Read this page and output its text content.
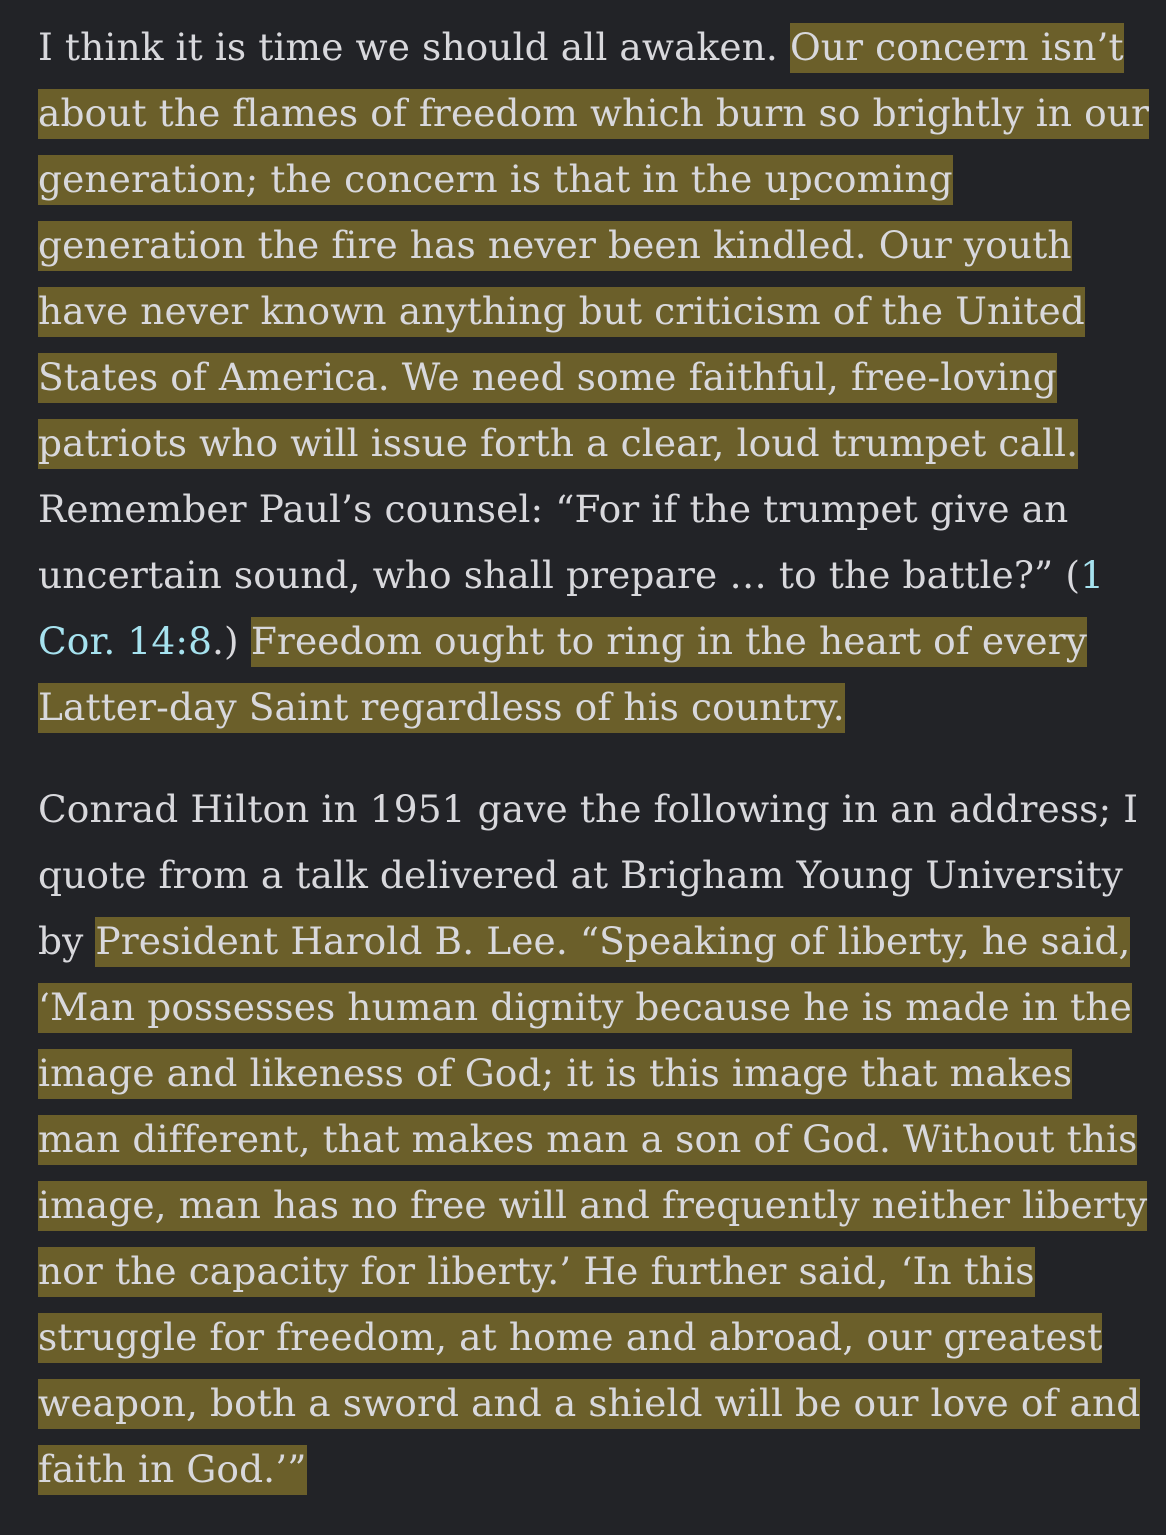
I think it is time we should all awaken. Our concern isn’t about the flames of freedom which burn so brightly in our generation; the concern is that in the upcoming generation the fire has never been kindled. Our youth have never known anything but criticism of the United States of America. We need some faithful, free-loving patriots who will issue forth a clear, loud trumpet call. Remember Paul’s counsel: “For if the trumpet give an uncertain sound, who shall prepare … to the battle?” (1 Cor. 14:8.) Freedom ought to ring in the heart of every Latter-day Saint regardless of his country.

Conrad Hilton in 1951 gave the following in an address; I quote from a talk delivered at Brigham Young University by President Harold B. Lee. “Speaking of liberty, he said, ‘Man possesses human dignity because he is made in the image and likeness of God; it is this image that makes man different, that makes man a son of God. Without this image, man has no free will and frequently neither liberty nor the capacity for liberty.’ He further said, ‘In this struggle for freedom, at home and abroad, our greatest weapon, both a sword and a shield will be our love of and faith in God.’”
